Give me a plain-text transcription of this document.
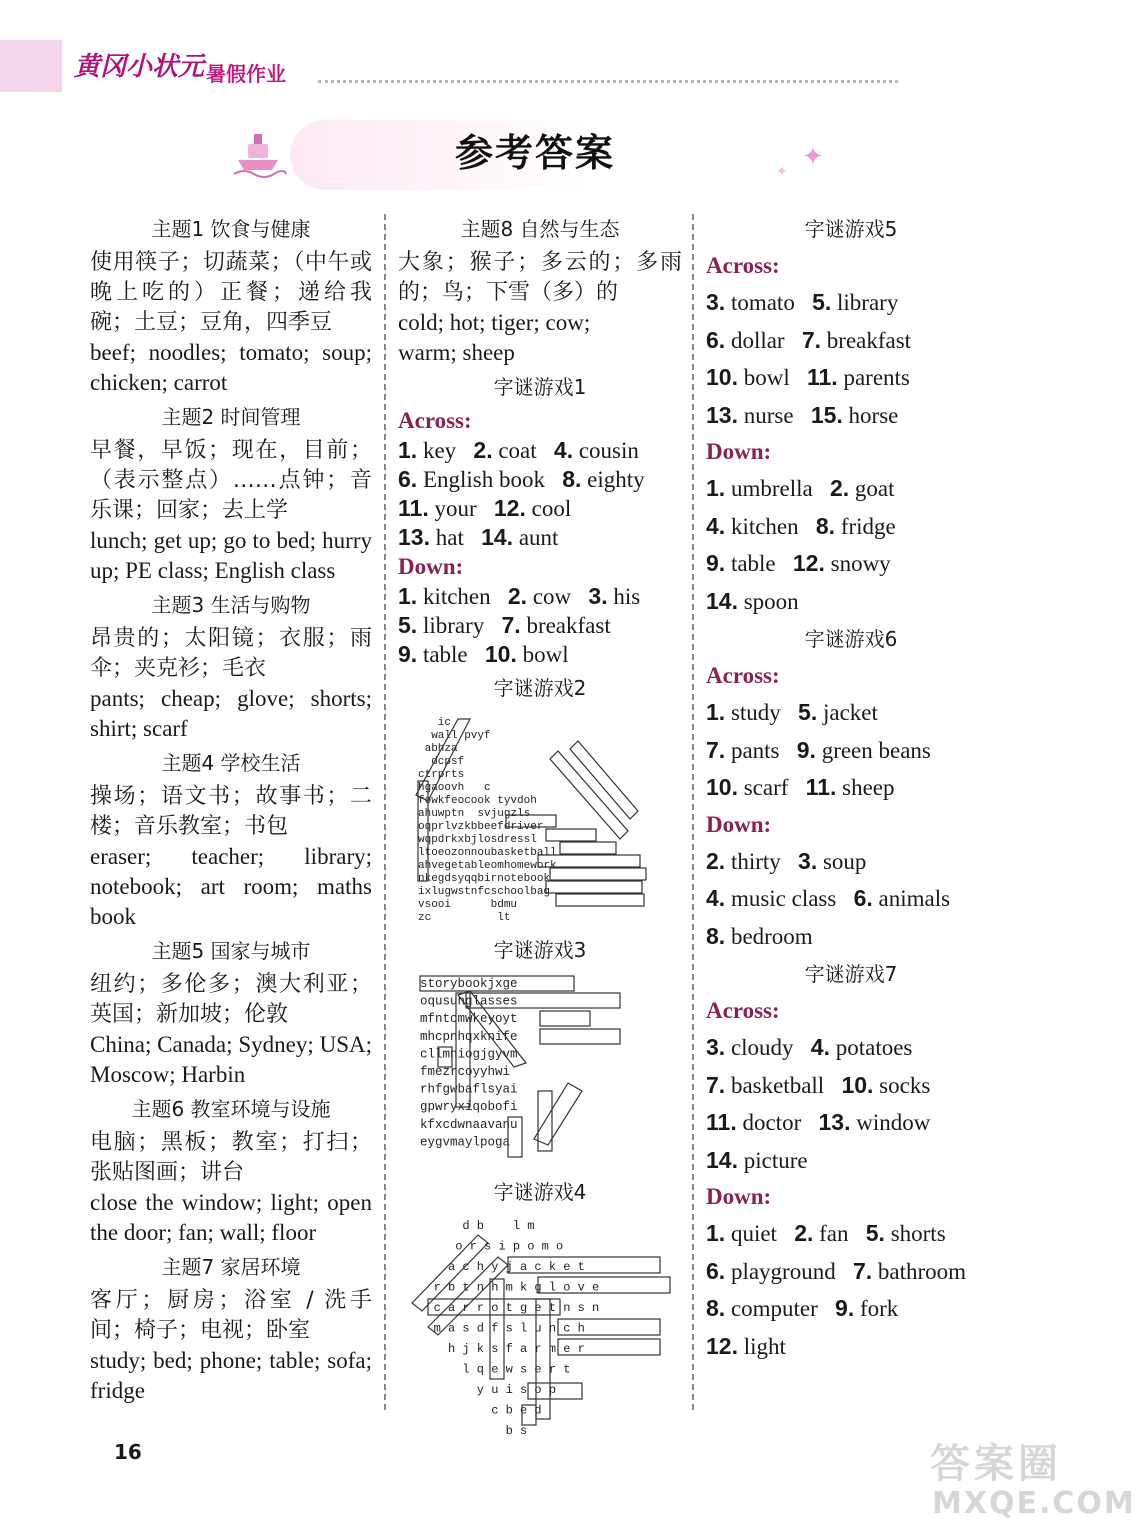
黄冈小状元 暑假作业
参考答案	✦
✦
主题1 饮食与健康
使用筷子；切蔬菜；（中午或晚上吃的）正餐；递给我碗；土豆；豆角，四季豆
beef; noodles; tomato; soup; chicken; carrot
主题2 时间管理
早餐，早饭；现在，目前；（表示整点）……点钟；音乐课；回家；去上学
lunch; get up; go to bed; hurry up; PE class; English class
主题3 生活与购物
昂贵的；太阳镜；衣服；雨伞；夹克衫；毛衣
pants; cheap; glove; shorts; shirt; scarf
主题4 学校生活
操场；语文书；故事书；二楼；音乐教室；书包
eraser; teacher; library; notebook; art room; maths book
主题5 国家与城市
纽约；多伦多；澳大利亚；英国；新加坡；伦敦
China; Canada; Sydney; USA; Moscow; Harbin
主题6 教室环境与设施
电脑；黑板；教室；打扫；张贴图画；讲台
close the window; light; open the door; fan; wall; floor
主题7 家居环境
客厅；厨房；浴室 / 洗手间；椅子；电视；卧室
study; bed; phone; table; sofa; fridge
主题8 自然与生态
大象；猴子；多云的；多雨的；鸟；下雪（多）的
cold; hot; tiger; cow;
warm; sheep
字谜游戏1
Across:
1. key 2. coat 4. cousin
6. English book 8. eighty
11. your 12. cool
13. hat 14. aunt
Down:
1. kitchen 2. cow 3. his
5. library 7. breakfast
9. table 10. bowl
字谜游戏2
ic
wall pvyf
abhza
dcpsf
ctrprts
hgaoovh   c
fowkfeocook tyvdoh
ahuwptn  svjugzls
oqprlvzkbbeefdriver
wqpdrkxbjlosdressl
ltoeozonnoubasketball
ahvegetableomhomework
nkegdsyqqbirnotebook
ixlugwstnfcschoolbag
vsooi      bdmu
zc          lt
字谜游戏3
storybookjxge
oqusunglasses
mfntcmwkeyoyt
mhcpnhqxknife
cllmniogjgyvm
fmezrcoyyhwi
rhfgwbaflsyai
gpwryxiqobofi
kfxcdwnaavanu
eygvmaylpoga
字谜游戏4
d b    l m
o r s i p o m o
a c h y j a c k e t
r b t n h m k g l o v e
c a r r o t g e t n s n
m a s d f s l u n c h
h j k s f a r m e r
l q e w s e r t
y u i s o p
c b e d
b s
字谜游戏5
Across:
3. tomato 5. library
6. dollar 7. breakfast
10. bowl 11. parents
13. nurse 15. horse
Down:
1. umbrella 2. goat
4. kitchen 8. fridge
9. table 12. snowy
14. spoon
字谜游戏6
Across:
1. study 5. jacket
7. pants 9. green beans
10. scarf 11. sheep
Down:
2. thirty 3. soup
4. music class 6. animals
8. bedroom
字谜游戏7
Across:
3. cloudy 4. potatoes
7. basketball 10. socks
11. doctor 13. window
14. picture
Down:
1. quiet 2. fan 5. shorts
6. playground 7. bathroom
8. computer 9. fork
12. light
16	答案圈
MXQE.COM
